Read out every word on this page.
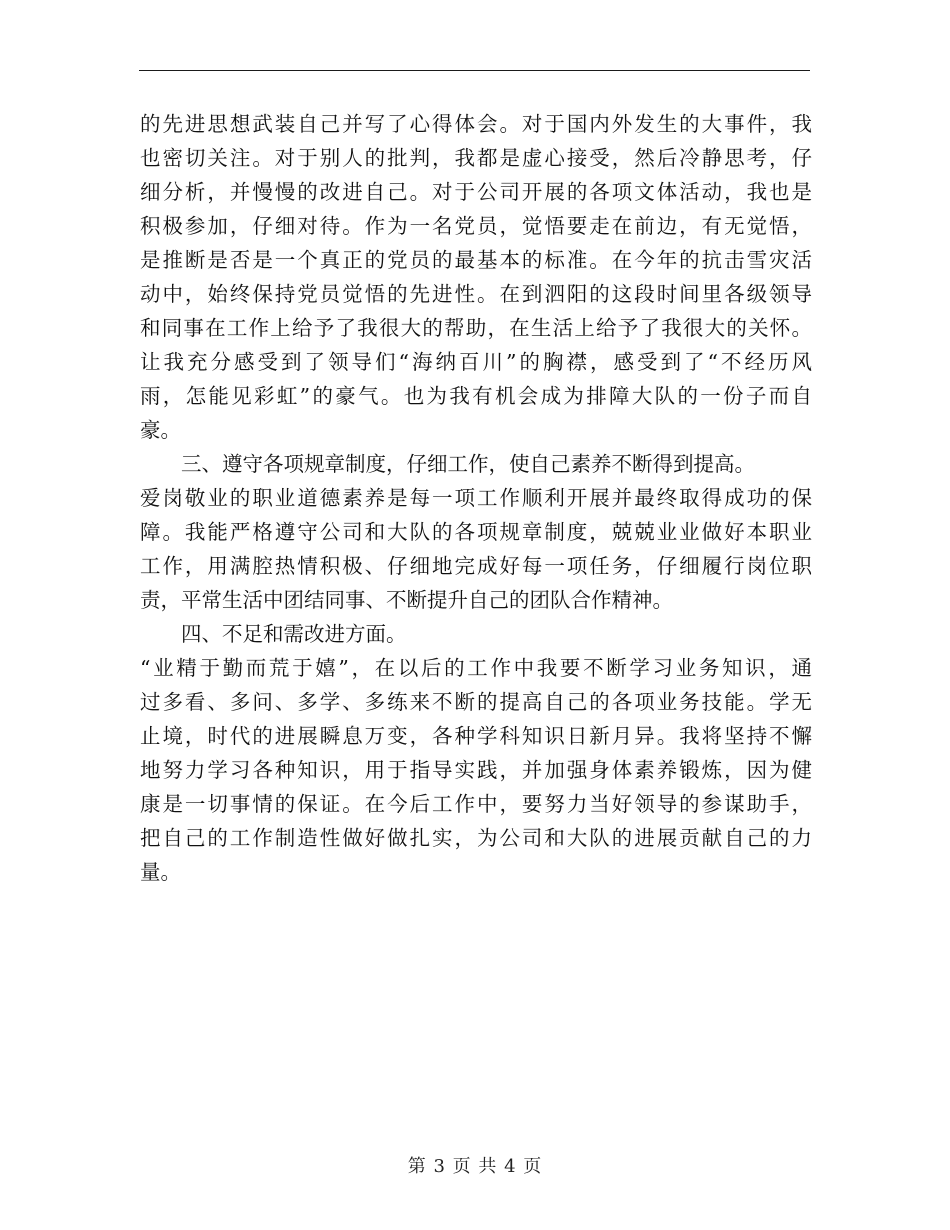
的先进思想武装自己并写了心得体会。对于国内外发生的大事件，我
也密切关注。对于别人的批判，我都是虚心接受，然后冷静思考，仔
细分析，并慢慢的改进自己。对于公司开展的各项文体活动，我也是
积极参加，仔细对待。作为一名党员，觉悟要走在前边，有无觉悟，
是推断是否是一个真正的党员的最基本的标准。在今年的抗击雪灾活
动中，始终保持党员觉悟的先进性。在到泗阳的这段时间里各级领导
和同事在工作上给予了我很大的帮助，在生活上给予了我很大的关怀。
让我充分感受到了领导们“海纳百川”的胸襟，感受到了“不经历风
雨，怎能见彩虹”的豪气。也为我有机会成为排障大队的一份子而自
豪。
三、遵守各项规章制度，仔细工作，使自己素养不断得到提高。
爱岗敬业的职业道德素养是每一项工作顺利开展并最终取得成功的保
障。我能严格遵守公司和大队的各项规章制度，兢兢业业做好本职业
工作，用满腔热情积极、仔细地完成好每一项任务，仔细履行岗位职
责，平常生活中团结同事、不断提升自己的团队合作精神。
四、不足和需改进方面。
“业精于勤而荒于嬉”，在以后的工作中我要不断学习业务知识，通
过多看、多问、多学、多练来不断的提高自己的各项业务技能。学无
止境，时代的进展瞬息万变，各种学科知识日新月异。我将坚持不懈
地努力学习各种知识，用于指导实践，并加强身体素养锻炼，因为健
康是一切事情的保证。在今后工作中，要努力当好领导的参谋助手，
把自己的工作制造性做好做扎实，为公司和大队的进展贡献自己的力
量。
第 3 页 共 4 页
